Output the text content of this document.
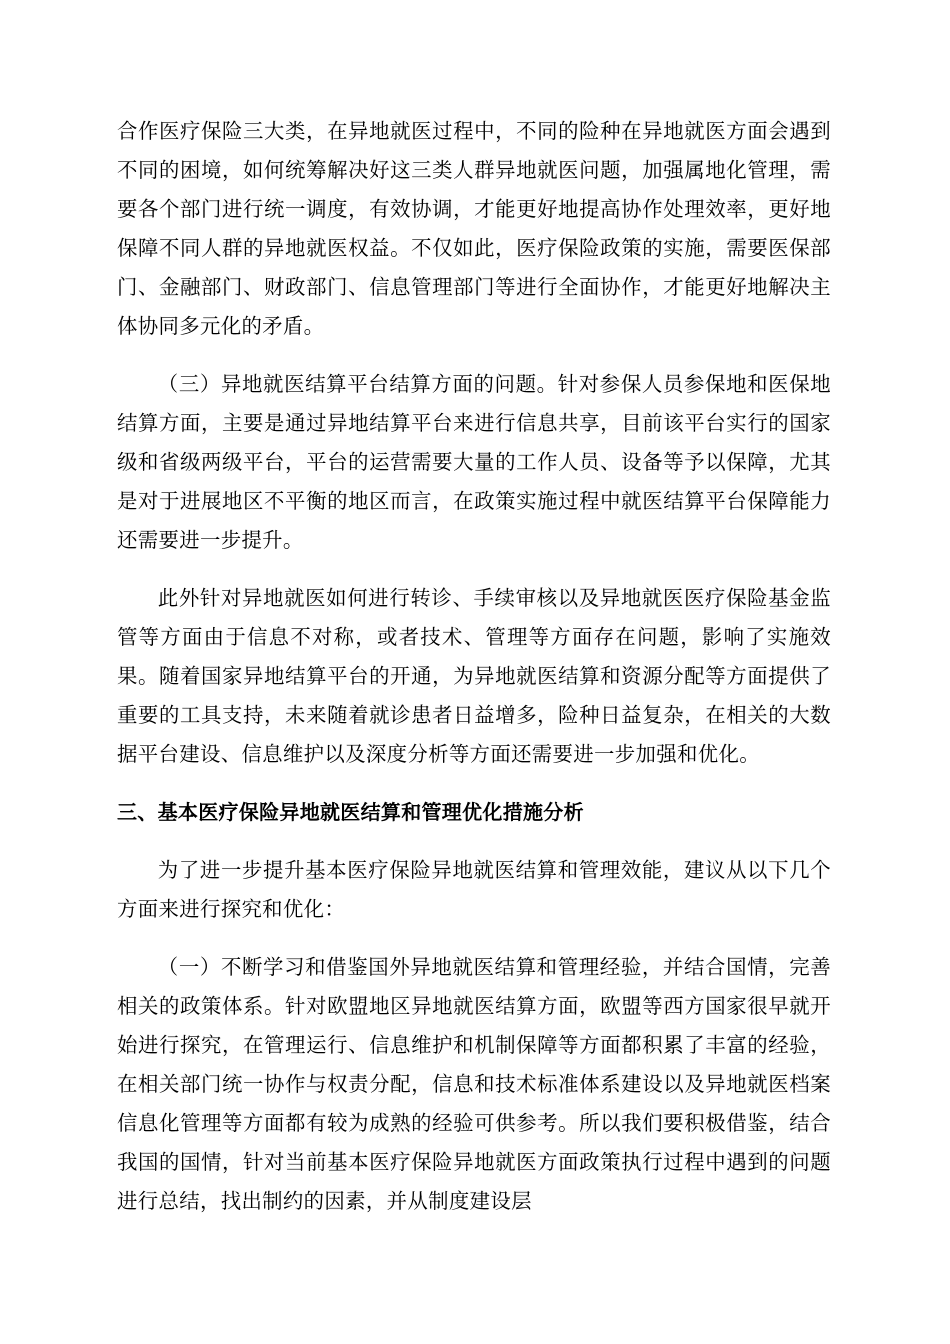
合作医疗保险三大类，在异地就医过程中，不同的险种在异地就医方面会遇到不同的困境，如何统筹解决好这三类人群异地就医问题，加强属地化管理，需要各个部门进行统一调度，有效协调，才能更好地提高协作处理效率，更好地保障不同人群的异地就医权益。不仅如此，医疗保险政策的实施，需要医保部门、金融部门、财政部门、信息管理部门等进行全面协作，才能更好地解决主体协同多元化的矛盾。

（三）异地就医结算平台结算方面的问题。针对参保人员参保地和医保地结算方面，主要是通过异地结算平台来进行信息共享，目前该平台实行的国家级和省级两级平台，平台的运营需要大量的工作人员、设备等予以保障，尤其是对于进展地区不平衡的地区而言，在政策实施过程中就医结算平台保障能力还需要进一步提升。

此外针对异地就医如何进行转诊、手续审核以及异地就医医疗保险基金监管等方面由于信息不对称，或者技术、管理等方面存在问题，影响了实施效果。随着国家异地结算平台的开通，为异地就医结算和资源分配等方面提供了重要的工具支持，未来随着就诊患者日益增多，险种日益复杂，在相关的大数据平台建设、信息维护以及深度分析等方面还需要进一步加强和优化。

三、基本医疗保险异地就医结算和管理优化措施分析

为了进一步提升基本医疗保险异地就医结算和管理效能，建议从以下几个方面来进行探究和优化：

（一）不断学习和借鉴国外异地就医结算和管理经验，并结合国情，完善相关的政策体系。针对欧盟地区异地就医结算方面，欧盟等西方国家很早就开始进行探究，在管理运行、信息维护和机制保障等方面都积累了丰富的经验，在相关部门统一协作与权责分配，信息和技术标准体系建设以及异地就医档案信息化管理等方面都有较为成熟的经验可供参考。所以我们要积极借鉴，结合我国的国情，针对当前基本医疗保险异地就医方面政策执行过程中遇到的问题进行总结，找出制约的因素，并从制度建设层
